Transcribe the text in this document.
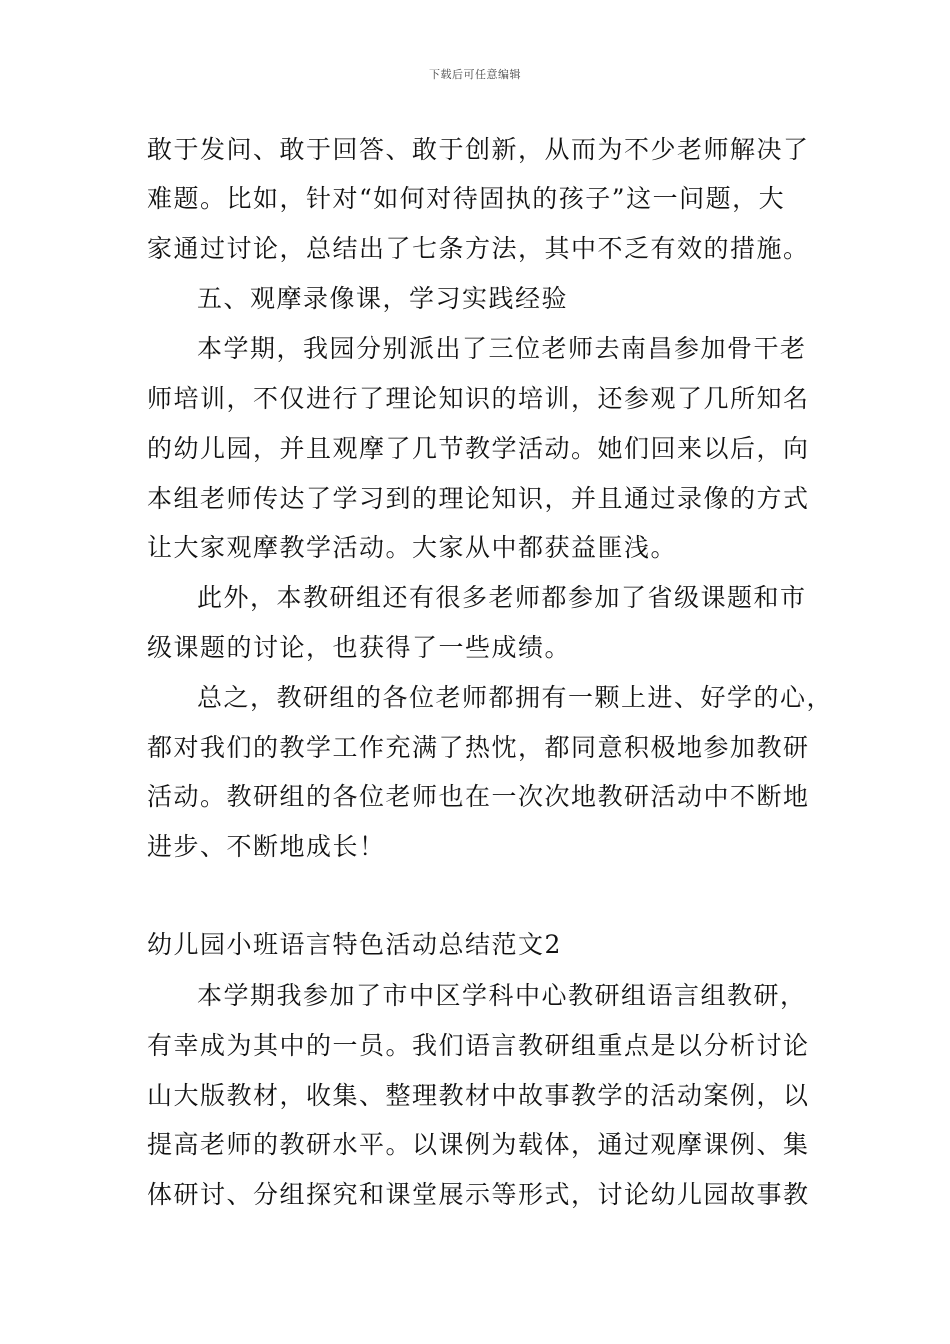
下载后可任意编辑
敢于发问、敢于回答、敢于创新，从而为不少老师解决了
难题。比如，针对“如何对待固执的孩子”这一问题，大
家通过讨论，总结出了七条方法，其中不乏有效的措施。
五、观摩录像课，学习实践经验
本学期，我园分别派出了三位老师去南昌参加骨干老
师培训，不仅进行了理论知识的培训，还参观了几所知名
的幼儿园，并且观摩了几节教学活动。她们回来以后，向
本组老师传达了学习到的理论知识，并且通过录像的方式
让大家观摩教学活动。大家从中都获益匪浅。
此外，本教研组还有很多老师都参加了省级课题和市
级课题的讨论，也获得了一些成绩。
总之，教研组的各位老师都拥有一颗上进、好学的心，
都对我们的教学工作充满了热忱，都同意积极地参加教研
活动。教研组的各位老师也在一次次地教研活动中不断地
进步、不断地成长！
幼儿园小班语言特色活动总结范文2
本学期我参加了市中区学科中心教研组语言组教研，
有幸成为其中的一员。我们语言教研组重点是以分析讨论
山大版教材，收集、整理教材中故事教学的活动案例，以
提高老师的教研水平。以课例为载体，通过观摩课例、集
体研讨、分组探究和课堂展示等形式，讨论幼儿园故事教
